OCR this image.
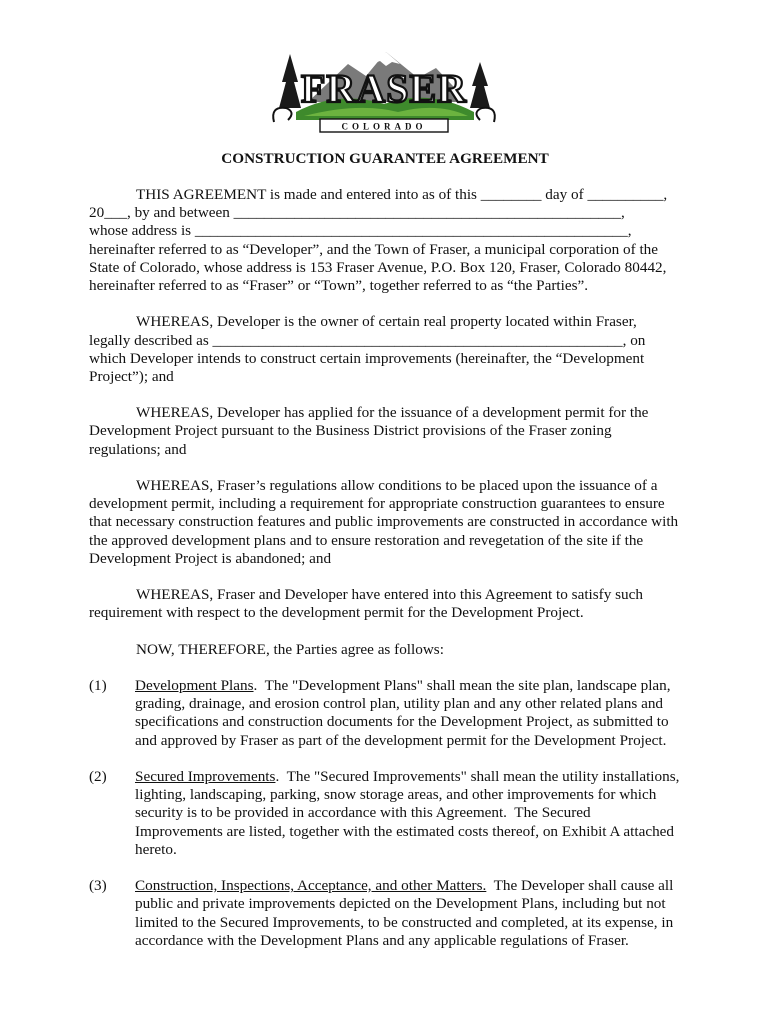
FRASER
COLORADO
CONSTRUCTION GUARANTEE AGREEMENT
THIS AGREEMENT is made and entered into as of this ________ day of __________,
20___, by and between ___________________________________________________,
whose address is _________________________________________________________,
hereinafter referred to as “Developer”, and the Town of Fraser, a municipal corporation of the
State of Colorado, whose address is 153 Fraser Avenue, P.O. Box 120, Fraser, Colorado 80442,
hereinafter referred to as “Fraser” or “Town”, together referred to as “the Parties”.
WHEREAS, Developer is the owner of certain real property located within Fraser,
legally described as ______________________________________________________, on
which Developer intends to construct certain improvements (hereinafter, the “Development
Project”); and
WHEREAS, Developer has applied for the issuance of a development permit for the
Development Project pursuant to the Business District provisions of the Fraser zoning
regulations; and
WHEREAS, Fraser’s regulations allow conditions to be placed upon the issuance of a
development permit, including a requirement for appropriate construction guarantees to ensure
that necessary construction features and public improvements are constructed in accordance with
the approved development plans and to ensure restoration and revegetation of the site if the
Development Project is abandoned; and
WHEREAS, Fraser and Developer have entered into this Agreement to satisfy such
requirement with respect to the development permit for the Development Project.
NOW, THEREFORE, the Parties agree as follows:
(1) Development Plans.  The "Development Plans" shall mean the site plan, landscape plan,
grading, drainage, and erosion control plan, utility plan and any other related plans and
specifications and construction documents for the Development Project, as submitted to
and approved by Fraser as part of the development permit for the Development Project.
(2) Secured Improvements.  The "Secured Improvements" shall mean the utility installations,
lighting, landscaping, parking, snow storage areas, and other improvements for which
security is to be provided in accordance with this Agreement.  The Secured
Improvements are listed, together with the estimated costs thereof, on Exhibit A attached
hereto.
(3) Construction, Inspections, Acceptance, and other Matters.  The Developer shall cause all
public and private improvements depicted on the Development Plans, including but not
limited to the Secured Improvements, to be constructed and completed, at its expense, in
accordance with the Development Plans and any applicable regulations of Fraser.
